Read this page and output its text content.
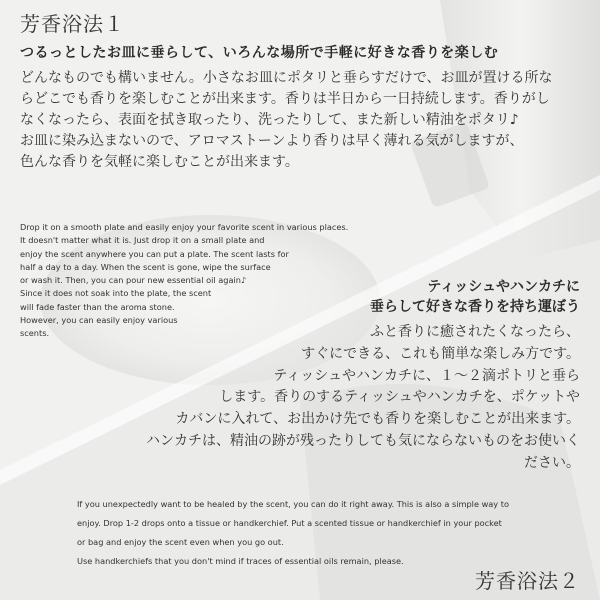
芳香浴法１
つるっとしたお皿に垂らして、いろんな場所で手軽に好きな香りを楽しむ
どんなものでも構いません。小さなお皿にポタリと垂らすだけで、お皿が置ける所な
らどこでも香りを楽しむことが出来ます。香りは半日から一日持続します。香りがし
なくなったら、表面を拭き取ったり、洗ったりして、また新しい精油をポタリ♪
お皿に染み込まないので、アロマストーンより香りは早く薄れる気がしますが、
色んな香りを気軽に楽しむことが出来ます。
Drop it on a smooth plate and easily enjoy your favorite scent in various places.
It doesn't matter what it is. Just drop it on a small plate and
enjoy the scent anywhere you can put a plate. The scent lasts for
half a day to a day. When the scent is gone, wipe the surface
or wash it. Then, you can pour new essential oil again♪
Since it does not soak into the plate, the scent
will fade faster than the aroma stone.
However, you can easily enjoy various
scents.
ティッシュやハンカチに
垂らして好きな香りを持ち運ぼう
ふと香りに癒されたくなったら、
すぐにできる、これも簡単な楽しみ方です。
ティッシュやハンカチに、１～２滴ポトリと垂ら
します。香りのするティッシュやハンカチを、ポケットや
カバンに入れて、お出かけ先でも香りを楽しむことが出来ます。
ハンカチは、精油の跡が残ったりしても気にならないものをお使いく
ださい。
If you unexpectedly want to be healed by the scent, you can do it right away. This is also a simple way to
enjoy. Drop 1-2 drops onto a tissue or handkerchief. Put a scented tissue or handkerchief in your pocket
or bag and enjoy the scent even when you go out.
Use handkerchiefs that you don't mind if traces of essential oils remain, please.
芳香浴法２
